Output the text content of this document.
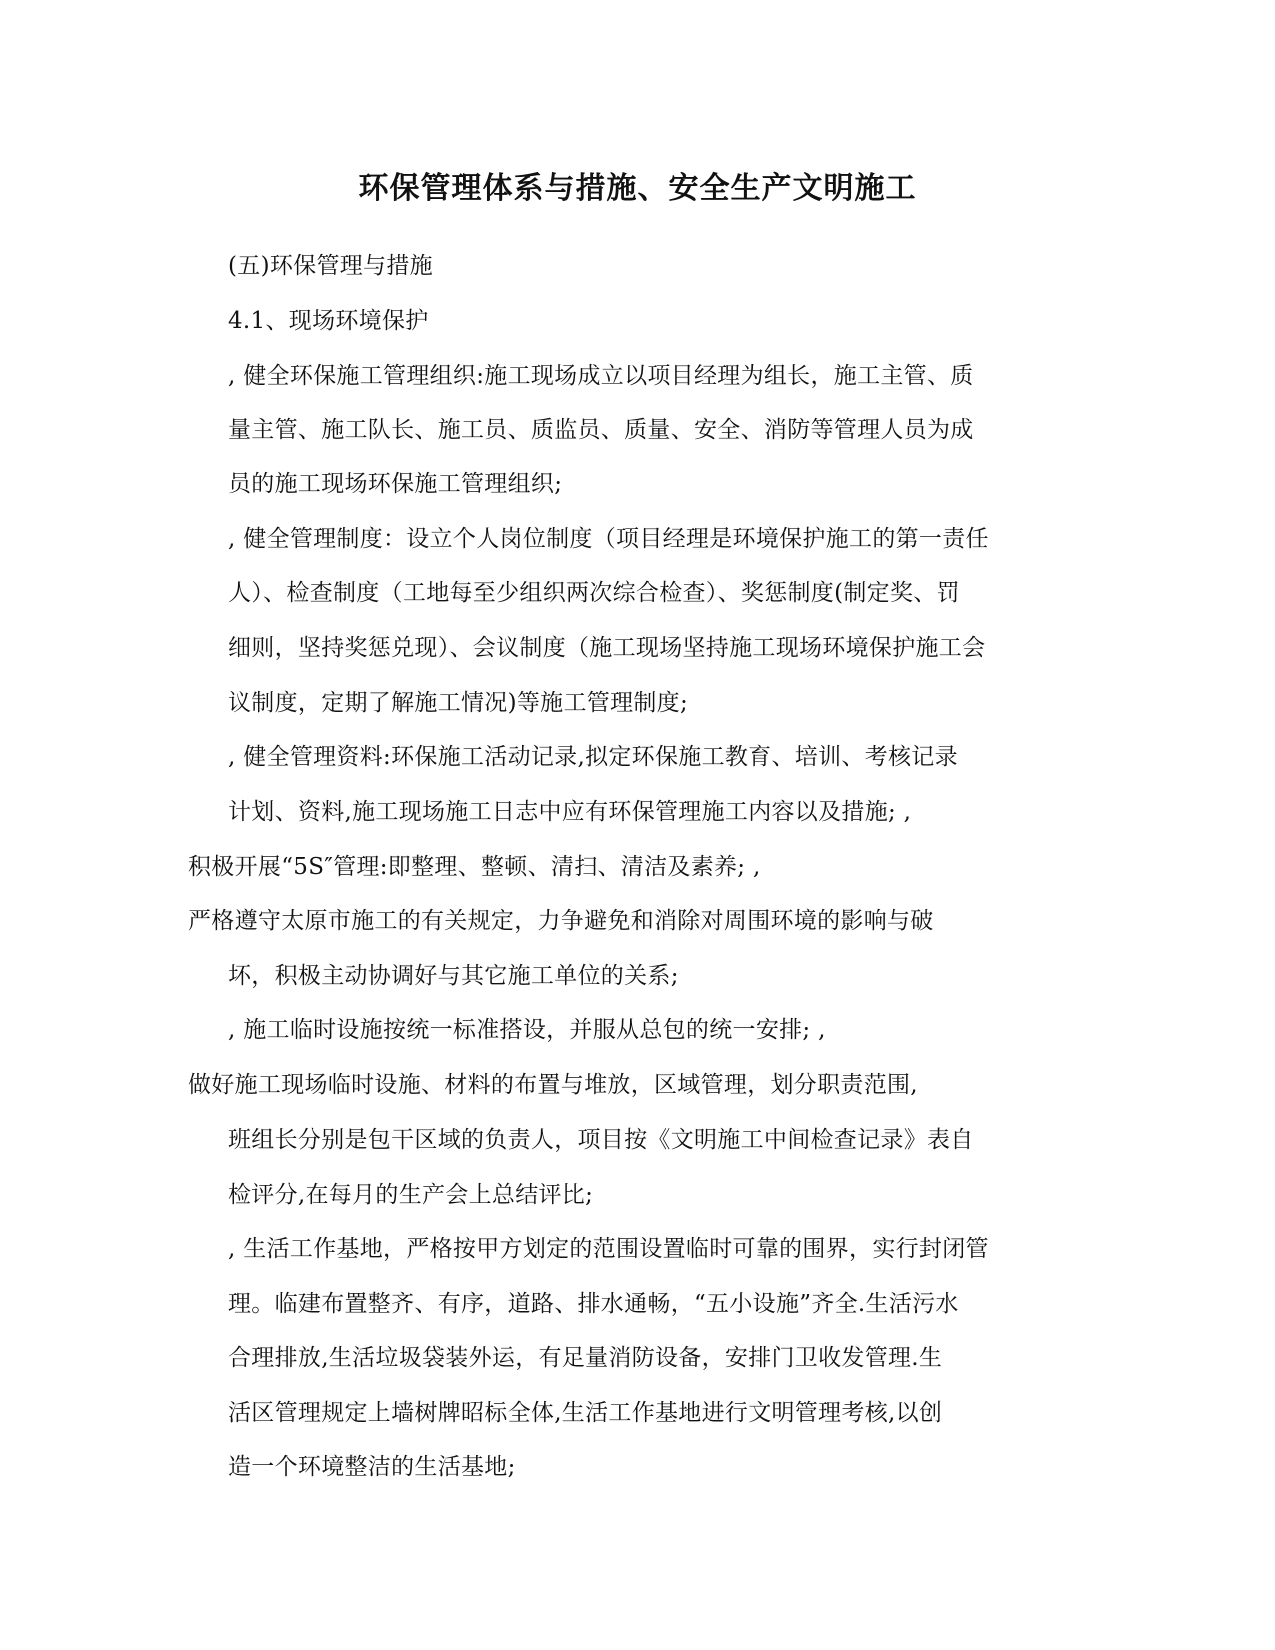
环保管理体系与措施、安全生产文明施工
(五)环保管理与措施
4.1、现场环境保护
, 健全环保施工管理组织:施工现场成立以项目经理为组长，施工主管、质
量主管、施工队长、施工员、质监员、质量、安全、消防等管理人员为成
员的施工现场环保施工管理组织;
, 健全管理制度：设立个人岗位制度（项目经理是环境保护施工的第一责任
人）、检查制度（工地每至少组织两次综合检查）、奖惩制度(制定奖、罚
细则，坚持奖惩兑现）、会议制度（施工现场坚持施工现场环境保护施工会
议制度，定期了解施工情况)等施工管理制度;
, 健全管理资料:环保施工活动记录,拟定环保施工教育、培训、考核记录
计划、资料,施工现场施工日志中应有环保管理施工内容以及措施; ,
积极开展“5S″管理:即整理、整顿、清扫、清洁及素养; ,
严格遵守太原市施工的有关规定，力争避免和消除对周围环境的影响与破
坏，积极主动协调好与其它施工单位的关系;
, 施工临时设施按统一标准搭设，并服从总包的统一安排; ,
做好施工现场临时设施、材料的布置与堆放，区域管理，划分职责范围,
班组长分别是包干区域的负责人，项目按《文明施工中间检查记录》表自
检评分,在每月的生产会上总结评比;
, 生活工作基地，严格按甲方划定的范围设置临时可靠的围界，实行封闭管
理。临建布置整齐、有序，道路、排水通畅，“五小设施”齐全.生活污水
合理排放,生活垃圾袋装外运，有足量消防设备，安排门卫收发管理.生
活区管理规定上墙树牌昭标全体,生活工作基地进行文明管理考核,以创
造一个环境整洁的生活基地;
